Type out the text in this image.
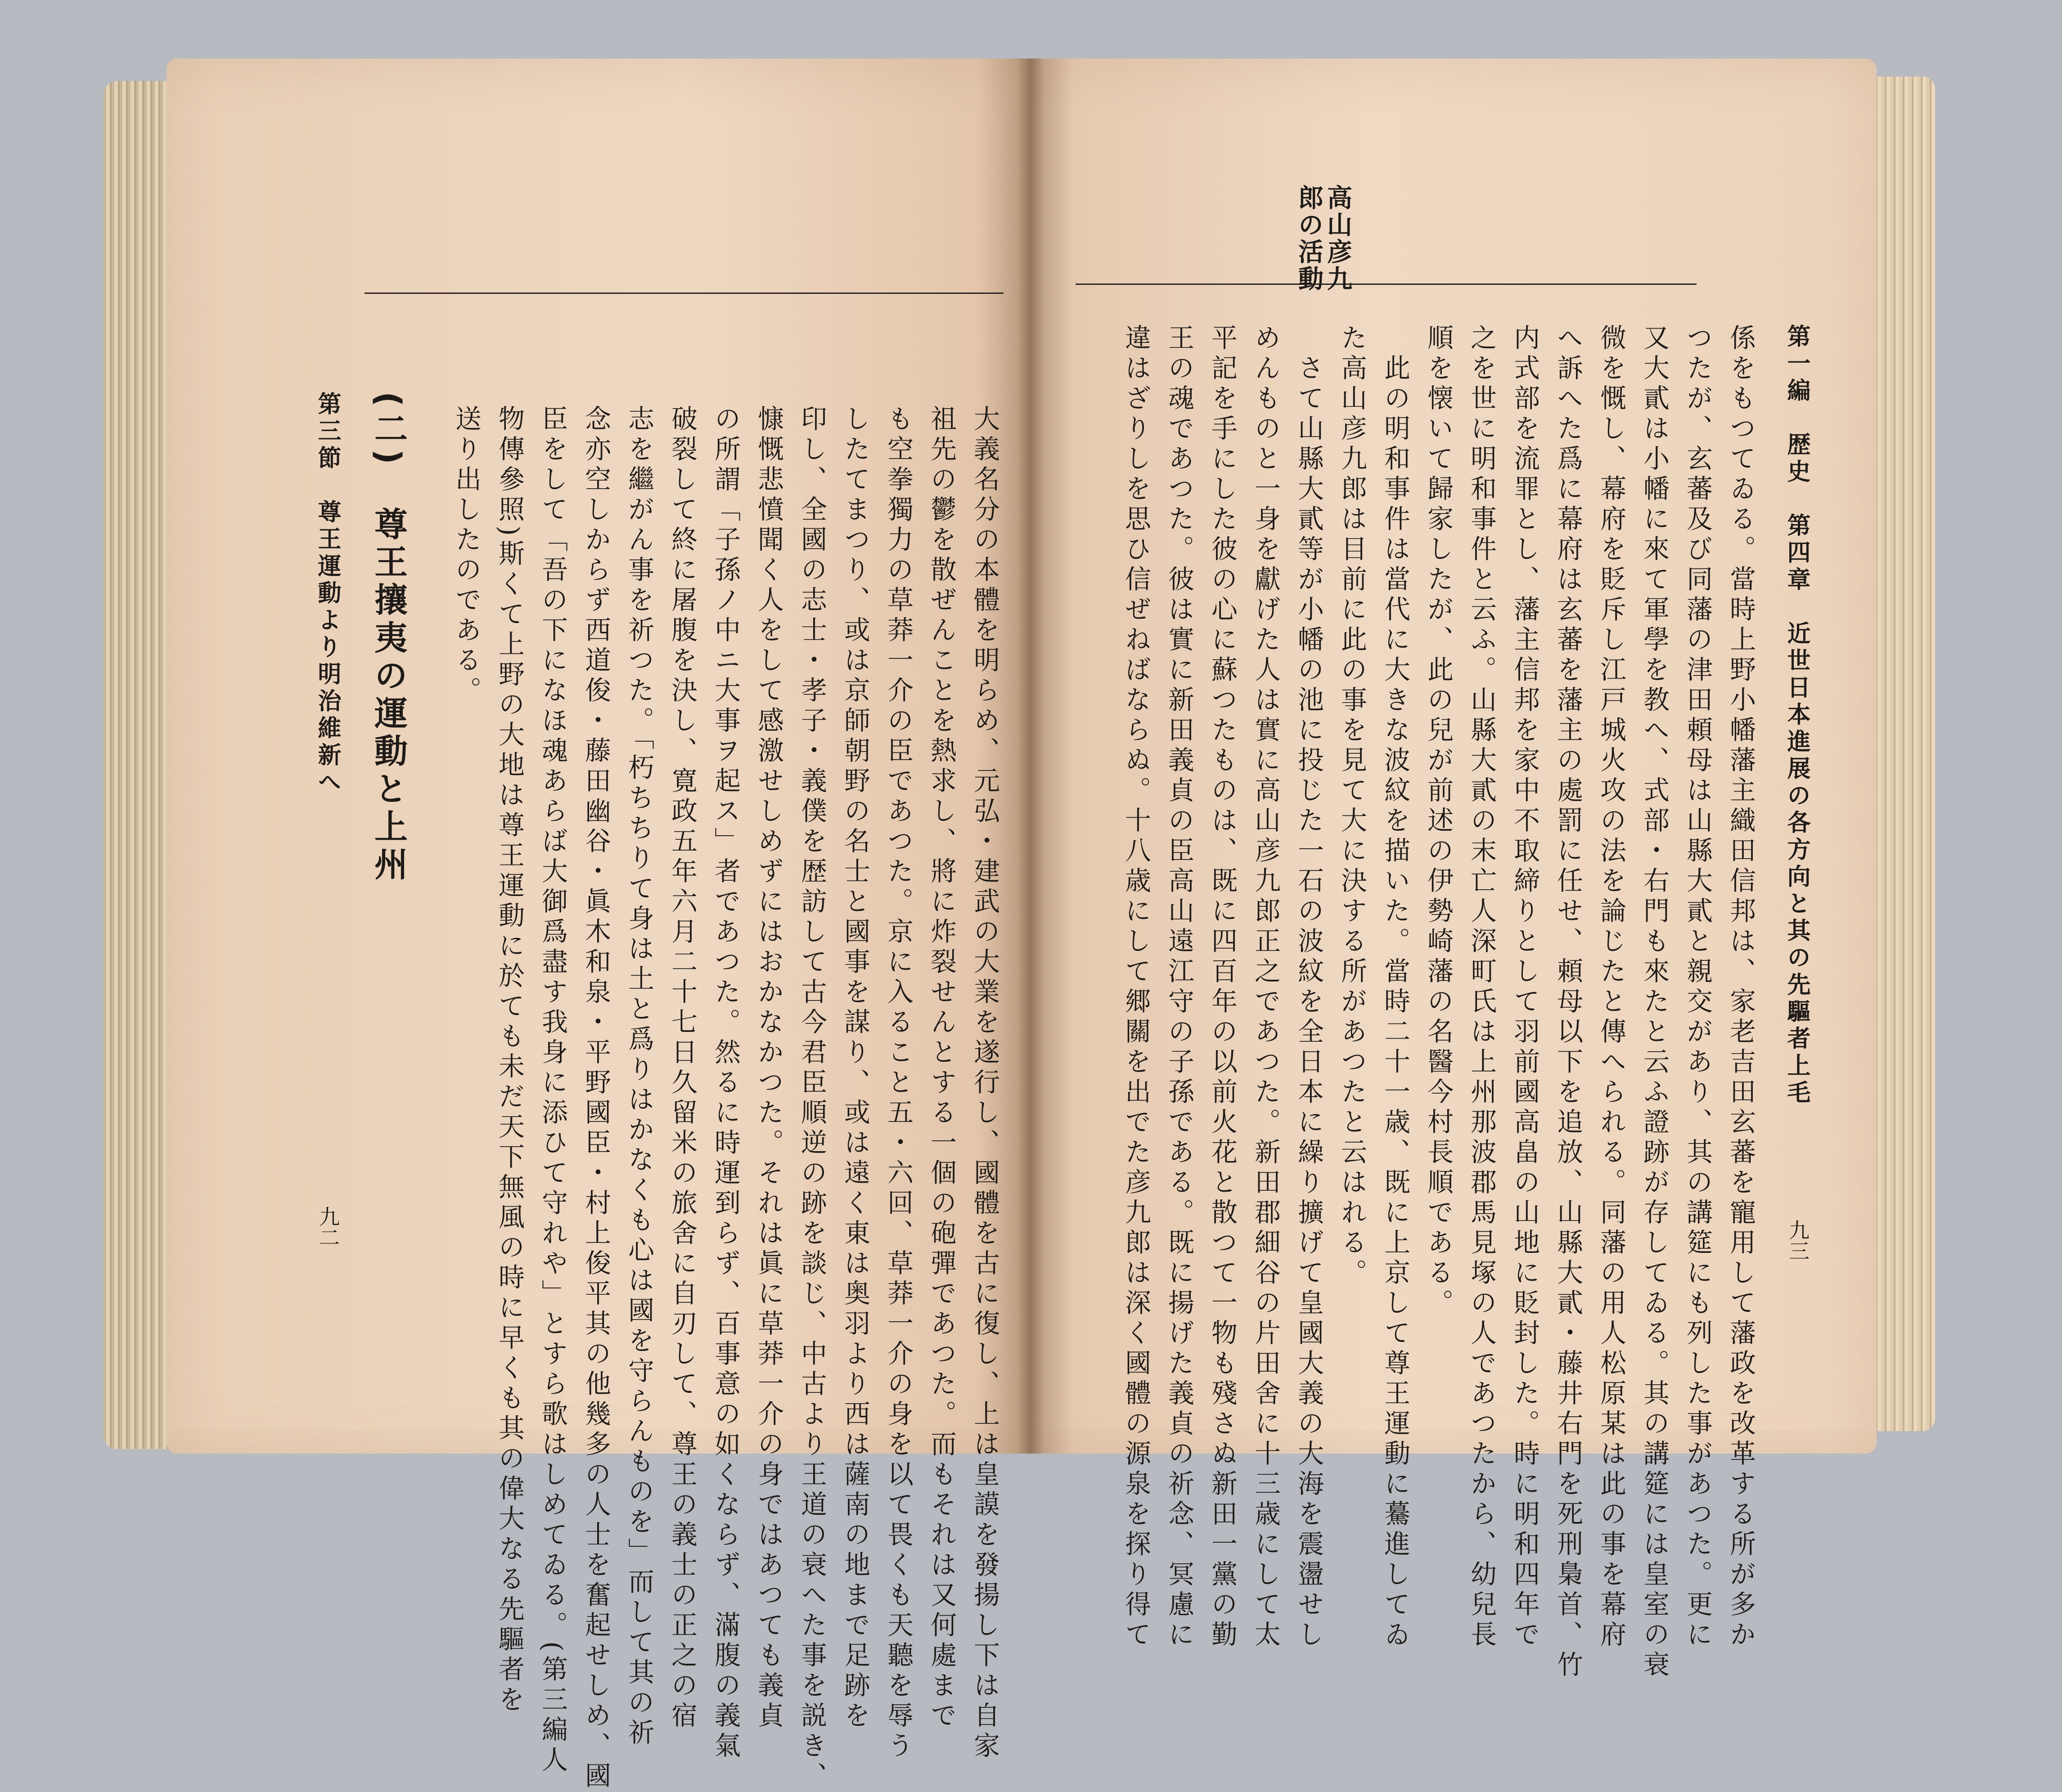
大義名分の本體を明らめ、元弘・建武の大業を遂行し、國體を古に復し、上は皇謨を發揚し下は自家
祖先の鬱を散ぜんことを熱求し、將に炸裂せんとする一個の砲彈であつた。而もそれは又何處まで
も空拳獨力の草莽一介の臣であつた。京に入ること五・六回、草莽一介の身を以て畏くも天聽を辱う
したてまつり、或は京師朝野の名士と國事を謀り、或は遠く東は奥羽より西は薩南の地まで足跡を
印し、全國の志士・孝子・義僕を歴訪して古今君臣順逆の跡を談じ、中古より王道の衰へた事を説き、
慷慨悲憤聞く人をして感激せしめずにはおかなかつた。それは眞に草莽一介の身ではあつても義貞
の所謂「子孫ノ中ニ大事ヲ起ス」者であつた。然るに時運到らず、百事意の如くならず、滿腹の義氣
破裂して終に屠腹を決し、寛政五年六月二十七日久留米の旅舍に自刃して、尊王の義士の正之の宿
志を繼がん事を祈つた。「朽ちちりて身は土と爲りはかなくも心は國を守らんものを」而して其の祈
念亦空しからず西道俊・藤田幽谷・眞木和泉・平野國臣・村上俊平其の他幾多の人士を奮起せしめ、國
臣をして「吾の下になほ魂あらば大御爲盡す我身に添ひて守れや」とすら歌はしめてゐる。(第三編人
物傳參照)斯くて上野の大地は尊王運動に於ても未だ天下無風の時に早くも其の偉大なる先驅者を
送り出したのである。
(二)　尊王攘夷の運動と上州
第三節　尊王運動より明治維新へ
九二
高山彦九
郎の活動
第一編　歴史　第四章　近世日本進展の各方向と其の先驅者上毛
九三
係をもつてゐる。當時上野小幡藩主織田信邦は、家老吉田玄蕃を寵用して藩政を改革する所が多か
つたが、玄蕃及び同藩の津田頼母は山縣大貳と親交があり、其の講筵にも列した事があつた。更に
又大貳は小幡に來て軍學を教へ、式部・右門も來たと云ふ證跡が存してゐる。其の講筵には皇室の衰
微を慨し、幕府を貶斥し江戸城火攻の法を論じたと傳へられる。同藩の用人松原某は此の事を幕府
へ訴へた爲に幕府は玄蕃を藩主の處罰に任せ、頼母以下を追放、山縣大貳・藤井右門を死刑梟首、竹
内式部を流罪とし、藩主信邦を家中不取締りとして羽前國高畠の山地に貶封した。時に明和四年で
之を世に明和事件と云ふ。山縣大貳の末亡人深町氏は上州那波郡馬見塚の人であつたから、幼兒長
順を懐いて歸家したが、此の兒が前述の伊勢崎藩の名醫今村長順である。
　此の明和事件は當代に大きな波紋を描いた。當時二十一歳、既に上京して尊王運動に驀進してゐ
た高山彦九郎は目前に此の事を見て大に決する所があつたと云はれる。
　さて山縣大貳等が小幡の池に投じた一石の波紋を全日本に繰り擴げて皇國大義の大海を震盪せし
めんものと一身を獻げた人は實に高山彦九郎正之であつた。新田郡細谷の片田舍に十三歳にして太
平記を手にした彼の心に蘇つたものは、既に四百年の以前火花と散つて一物も殘さぬ新田一黨の勤
王の魂であつた。彼は實に新田義貞の臣高山遠江守の子孫である。既に揚げた義貞の祈念、冥慮に
違はざりしを思ひ信ぜねばならぬ。十八歳にして郷關を出でた彦九郎は深く國體の源泉を探り得て
